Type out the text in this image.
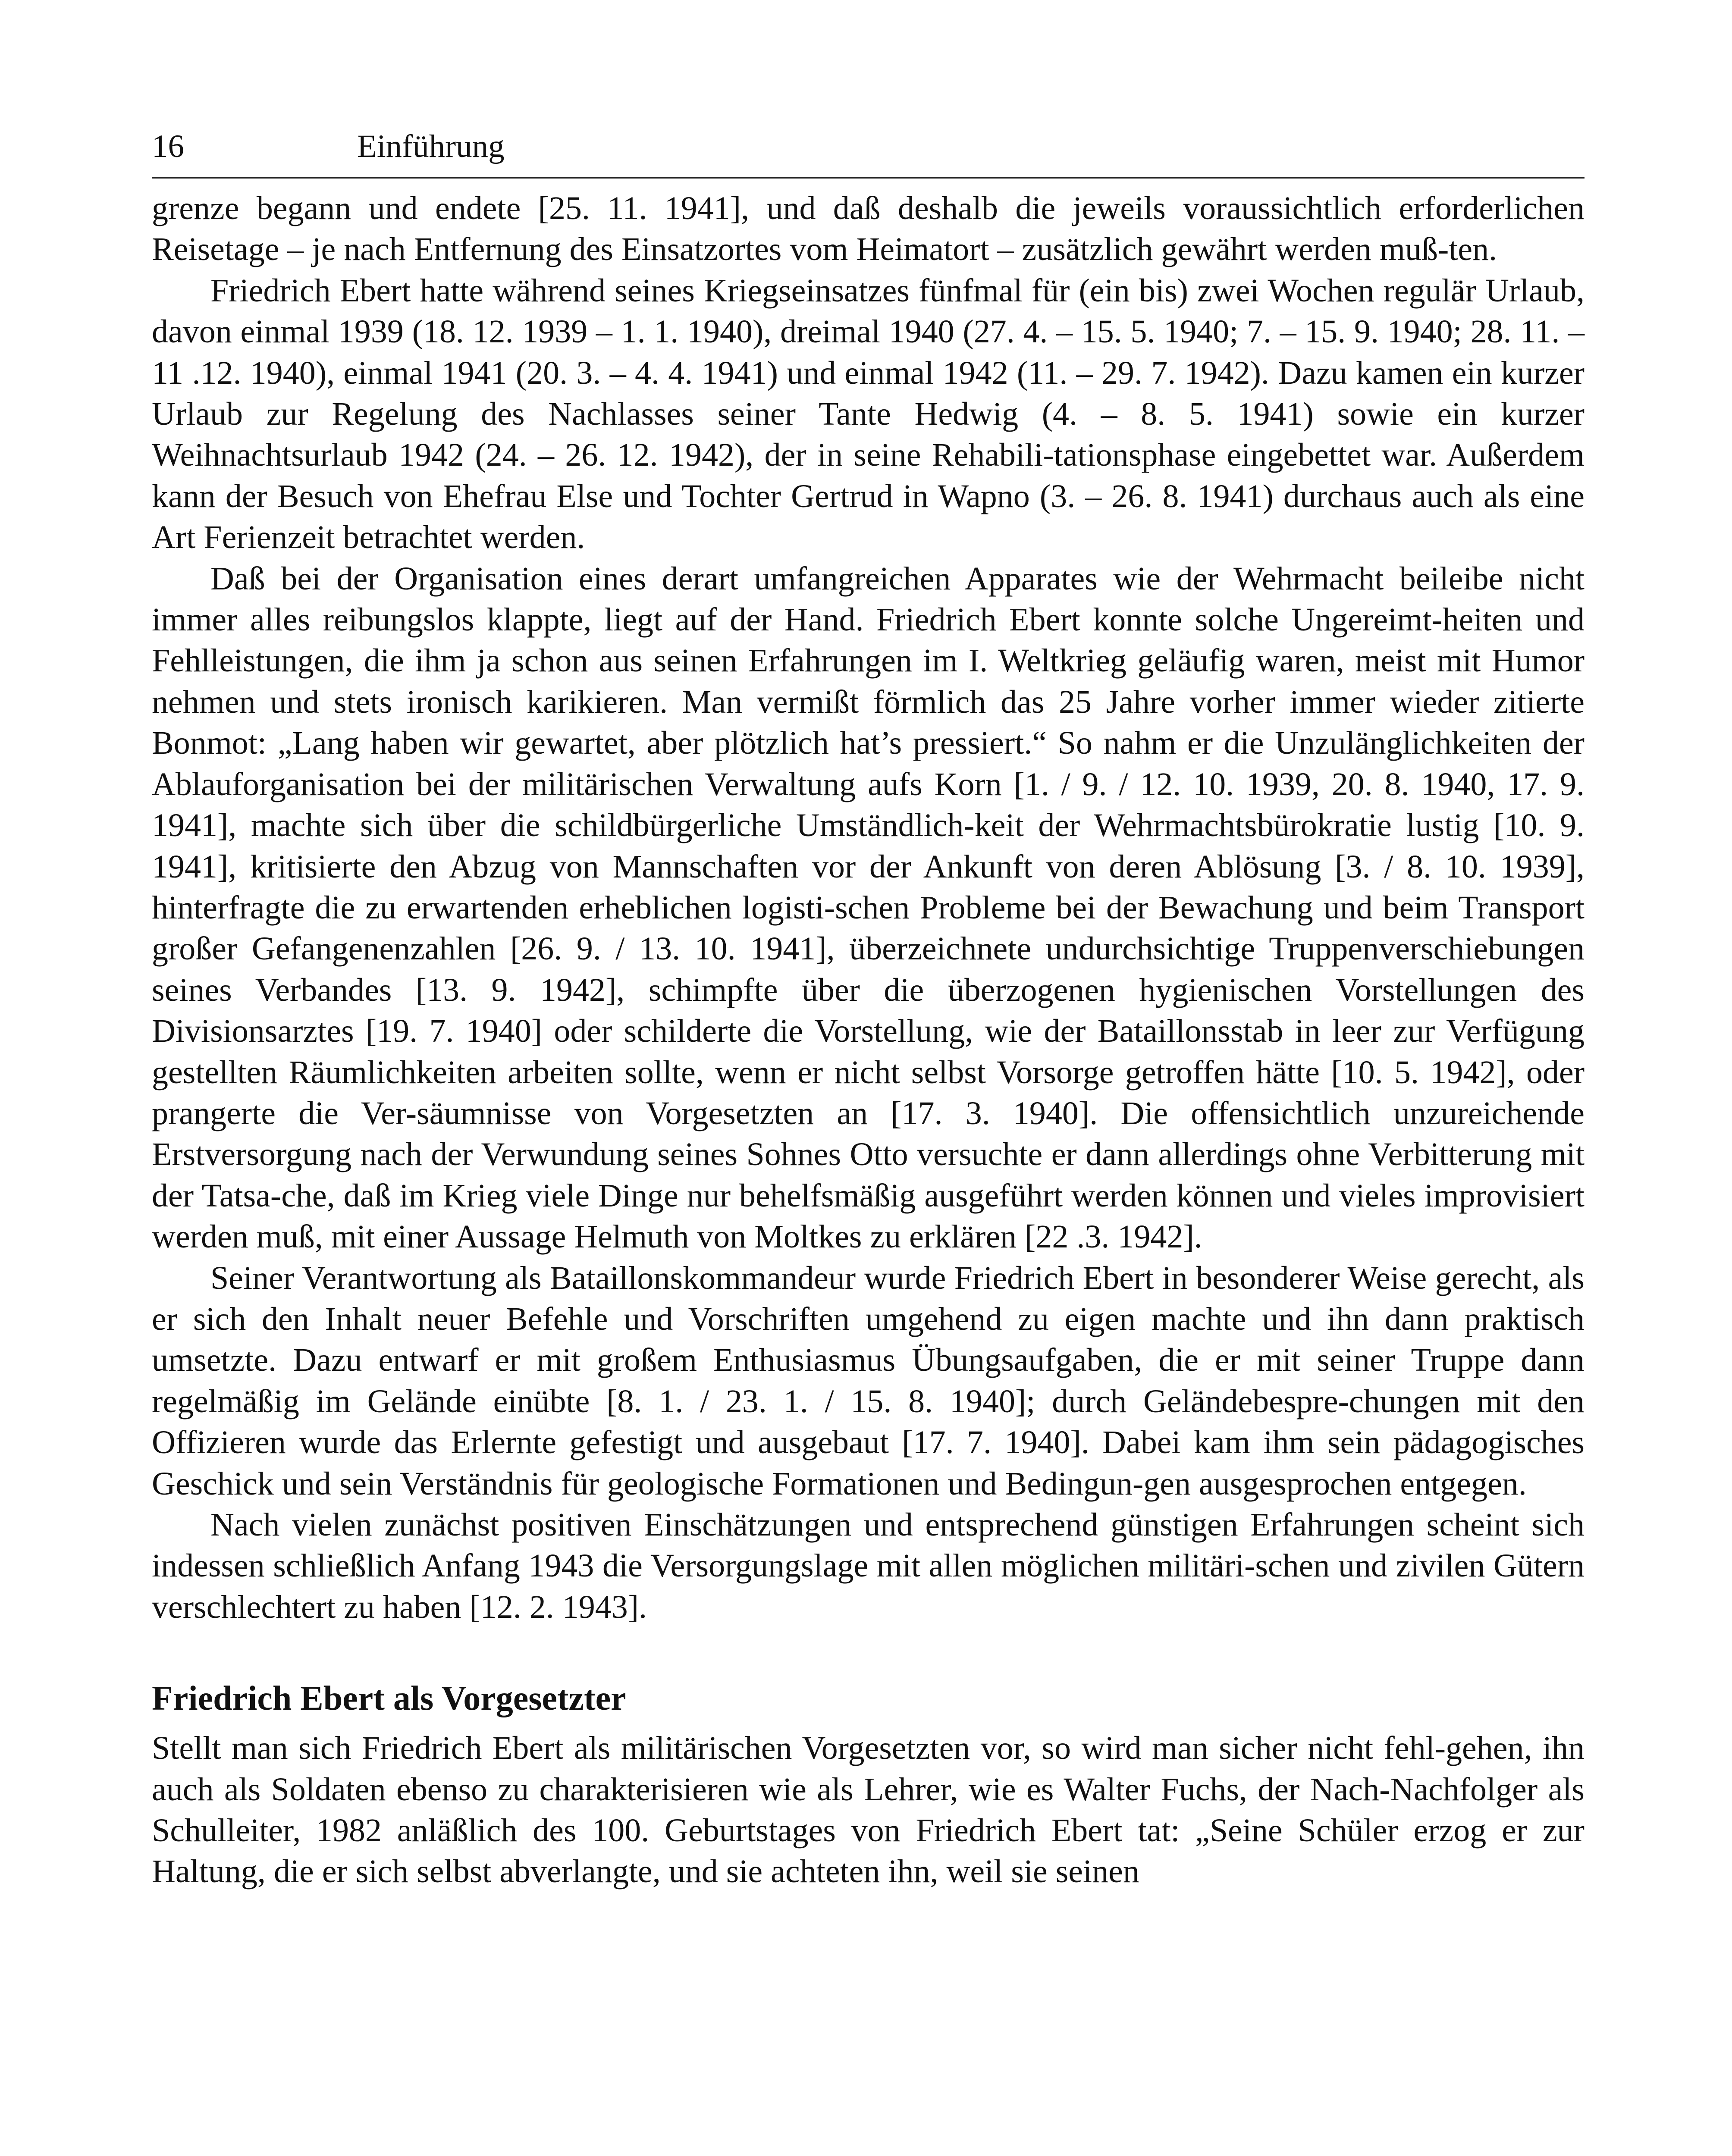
16	Einführung

grenze begann und endete [25. 11. 1941], und daß deshalb die jeweils voraussichtlich erforderlichen Reisetage – je nach Entfernung des Einsatzortes vom Heimatort – zusätzlich gewährt werden muß-ten.

Friedrich Ebert hatte während seines Kriegseinsatzes fünfmal für (ein bis) zwei Wochen regulär Urlaub, davon einmal 1939 (18. 12. 1939 – 1. 1. 1940), dreimal 1940 (27. 4. – 15. 5. 1940; 7. – 15. 9. 1940; 28. 11. – 11 .12. 1940), einmal 1941 (20. 3. – 4. 4. 1941) und einmal 1942 (11. – 29. 7. 1942). Dazu kamen ein kurzer Urlaub zur Regelung des Nachlasses seiner Tante Hedwig (4. – 8. 5. 1941) sowie ein kurzer Weihnachtsurlaub 1942 (24. – 26. 12. 1942), der in seine Rehabili-tationsphase eingebettet war. Außerdem kann der Besuch von Ehefrau Else und Tochter Gertrud in Wapno (3. – 26. 8. 1941) durchaus auch als eine Art Ferienzeit betrachtet werden.

Daß bei der Organisation eines derart umfangreichen Apparates wie der Wehrmacht beileibe nicht immer alles reibungslos klappte, liegt auf der Hand. Friedrich Ebert konnte solche Ungereimt-heiten und Fehlleistungen, die ihm ja schon aus seinen Erfahrungen im I. Weltkrieg geläufig waren, meist mit Humor nehmen und stets ironisch karikieren. Man vermißt förmlich das 25 Jahre vorher immer wieder zitierte Bonmot: „Lang haben wir gewartet, aber plötzlich hat’s pressiert.“ So nahm er die Unzulänglichkeiten der Ablauforganisation bei der militärischen Verwaltung aufs Korn [1. / 9. / 12. 10. 1939, 20. 8. 1940, 17. 9. 1941], machte sich über die schildbürgerliche Umständlich-keit der Wehrmachtsbürokratie lustig [10. 9. 1941], kritisierte den Abzug von Mannschaften vor der Ankunft von deren Ablösung [3. / 8. 10. 1939], hinterfragte die zu erwartenden erheblichen logisti-schen Probleme bei der Bewachung und beim Transport großer Gefangenenzahlen [26. 9. / 13. 10. 1941], überzeichnete undurchsichtige Truppenverschiebungen seines Verbandes [13. 9. 1942], schimpfte über die überzogenen hygienischen Vorstellungen des Divisionsarztes [19. 7. 1940] oder schilderte die Vorstellung, wie der Bataillonsstab in leer zur Verfügung gestellten Räumlichkeiten arbeiten sollte, wenn er nicht selbst Vorsorge getroffen hätte [10. 5. 1942], oder prangerte die Ver-säumnisse von Vorgesetzten an [17. 3. 1940]. Die offensichtlich unzureichende Erstversorgung nach der Verwundung seines Sohnes Otto versuchte er dann allerdings ohne Verbitterung mit der Tatsa-che, daß im Krieg viele Dinge nur behelfsmäßig ausgeführt werden können und vieles improvisiert werden muß, mit einer Aussage Helmuth von Moltkes zu erklären [22 .3. 1942].

Seiner Verantwortung als Bataillonskommandeur wurde Friedrich Ebert in besonderer Weise gerecht, als er sich den Inhalt neuer Befehle und Vorschriften umgehend zu eigen machte und ihn dann praktisch umsetzte. Dazu entwarf er mit großem Enthusiasmus Übungsaufgaben, die er mit seiner Truppe dann regelmäßig im Gelände einübte [8. 1. / 23. 1. / 15. 8. 1940]; durch Geländebespre-chungen mit den Offizieren wurde das Erlernte gefestigt und ausgebaut [17. 7. 1940]. Dabei kam ihm sein pädagogisches Geschick und sein Verständnis für geologische Formationen und Bedingun-gen ausgesprochen entgegen.

Nach vielen zunächst positiven Einschätzungen und entsprechend günstigen Erfahrungen scheint sich indessen schließlich Anfang 1943 die Versorgungslage mit allen möglichen militäri-schen und zivilen Gütern verschlechtert zu haben [12. 2. 1943].

Friedrich Ebert als Vorgesetzter

Stellt man sich Friedrich Ebert als militärischen Vorgesetzten vor, so wird man sicher nicht fehl-gehen, ihn auch als Soldaten ebenso zu charakterisieren wie als Lehrer, wie es Walter Fuchs, der Nach-Nachfolger als Schulleiter, 1982 anläßlich des 100. Geburtstages von Friedrich Ebert tat: „Seine Schüler erzog er zur Haltung, die er sich selbst abverlangte, und sie achteten ihn, weil sie seinen
